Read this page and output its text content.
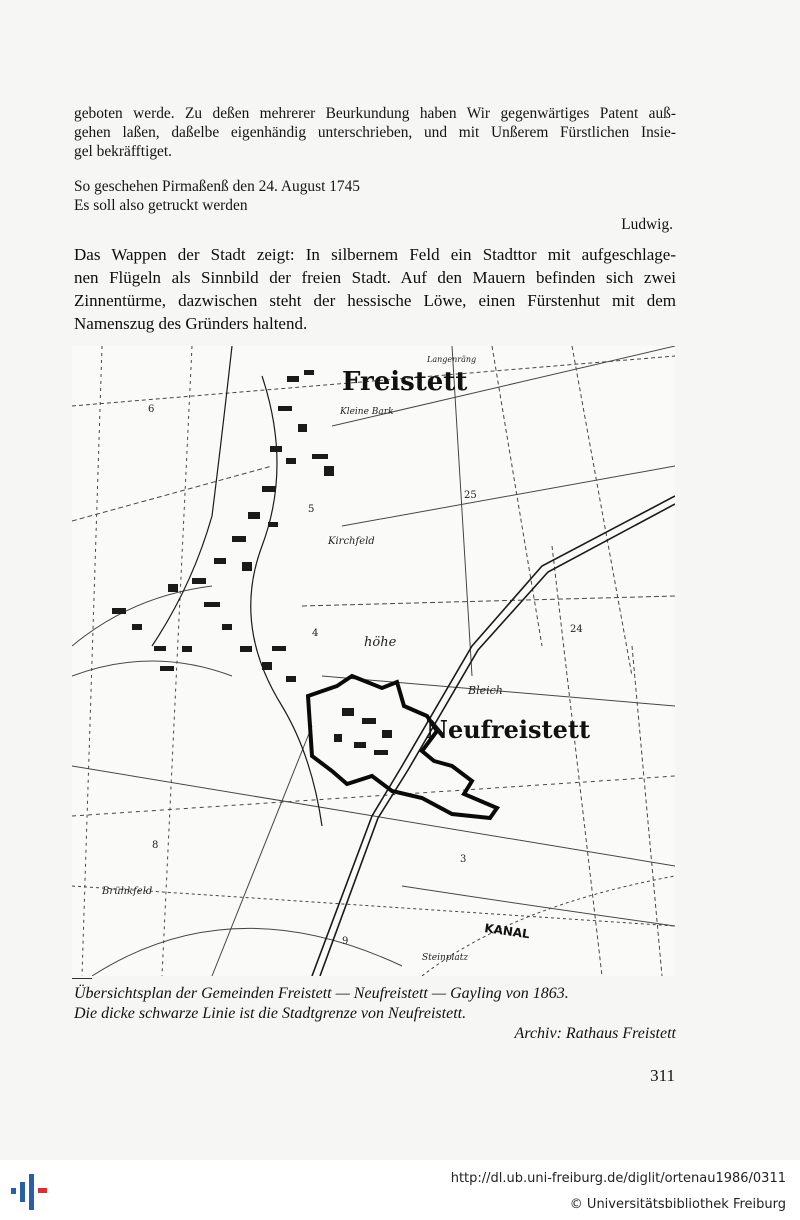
geboten werde. Zu deßen mehrerer Beurkundung haben Wir gegenwärtiges Patent auß-

gehen laßen, daßelbe eigenhändig unterschrieben, und mit Unßerem Fürstlichen Insie-

gel bekräfftiget.

So geschehen Pirmaßenß den 24. August 1745
Es soll also getruckt werden
Ludwig.
Das Wappen der Stadt zeigt: In silbernem Feld ein Stadttor mit aufgeschlage-
nen Flügeln als Sinnbild der freien Stadt. Auf den Mauern befinden sich zwei
Zinnentürme, dazwischen steht der hessische Löwe, einen Fürstenhut mit dem
Namenszug des Gründers haltend.
Freistett
Neufreistett
Kleine Bark
Langenräng
Kirchfeld
Bleich
Brühkfeld
KANAL
Steinplatz
höhe
25
24
8
5
6
4
3
9
Übersichtsplan der Gemeinden Freistett — Neufreistett — Gayling von 1863.
Die dicke schwarze Linie ist die Stadtgrenze von Neufreistett.
Archiv: Rathaus Freistett
311
http://dl.ub.uni-freiburg.de/diglit/ortenau1986/0311
© Universitätsbibliothek Freiburg
